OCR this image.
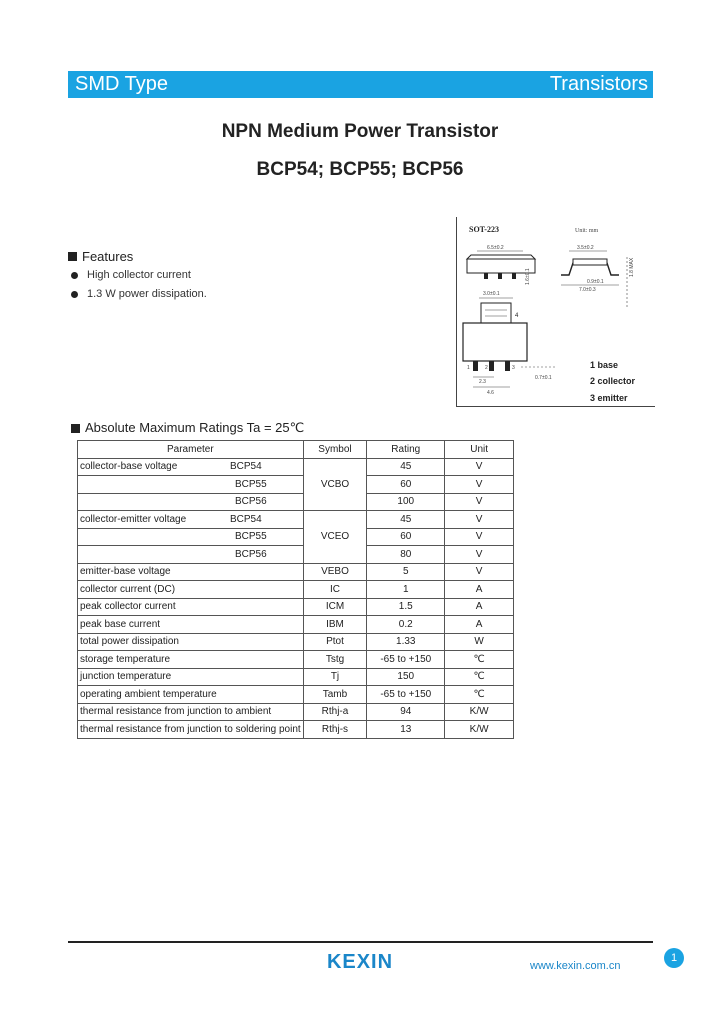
SMD Type	Transistors
NPN Medium Power Transistor
BCP54; BCP55; BCP56
Features
High collector current
1.3 W power dissipation.
SOT-223	Unit: mm
6.5±0.2
1.6±0.1
3.5±0.2
7.0±0.3
1.8 MAX
0.9±0.1
3.0±0.1
4
1	2	3
2.3
4.6
0.7±0.1
1 base
2 collector
3 emitter
Absolute Maximum Ratings Ta = 25℃
Parameter	Symbol	Rating	Unit
collector-base voltage BCP54	VCBO	45	V
BCP55		60	V
BCP56		100	V
collector-emitter voltage BCP54	VCEO	45	V
BCP55		60	V
BCP56		80	V
emitter-base voltage	VEBO	5	V
collector current (DC)	IC	1	A
peak collector current	ICM	1.5	A
peak base current	IBM	0.2	A
total power dissipation	Ptot	1.33	W
storage temperature	Tstg	-65 to +150	℃
junction temperature	Tj	150	℃
operating ambient temperature	Tamb	-65 to +150	℃
thermal resistance from junction to ambient	Rthj-a	94	K/W
thermal resistance from junction to soldering point	Rthj-s	13	K/W
KEXIN	www.kexin.com.cn
1
